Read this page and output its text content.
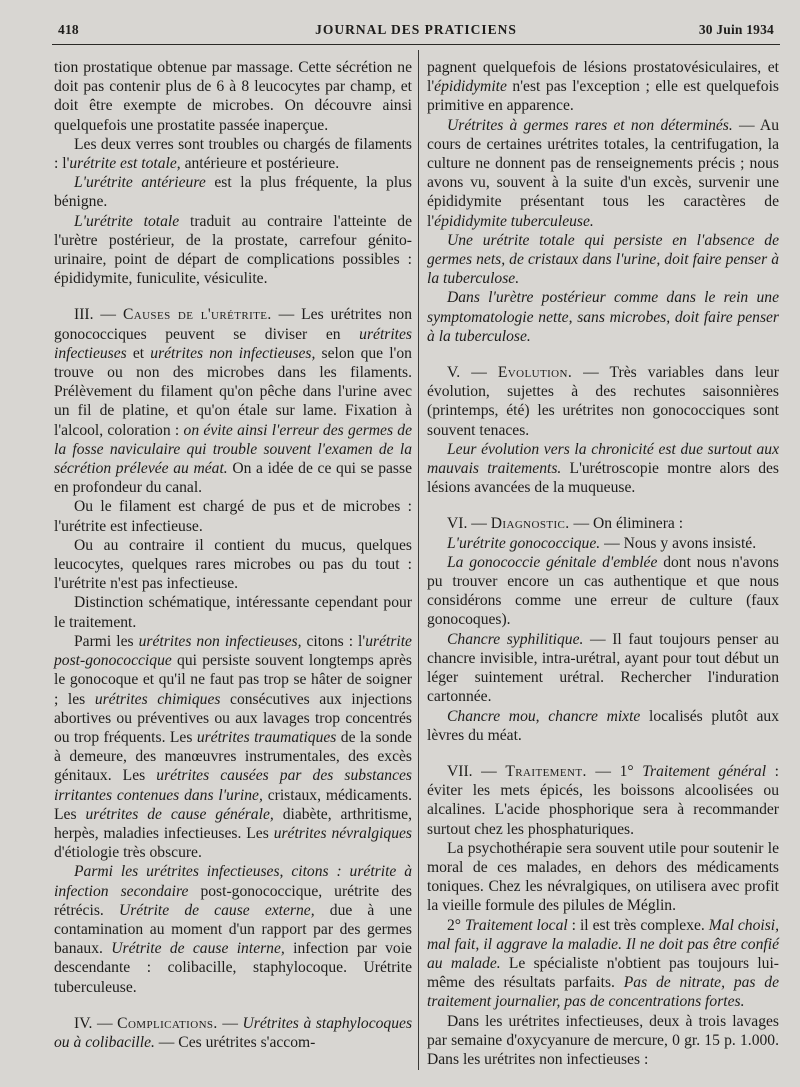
418	JOURNAL DES PRATICIENS	30 Juin 1934

tion prostatique obtenue par massage. Cette sécrétion ne doit pas contenir plus de 6 à 8 leucocytes par champ, et doit être exempte de microbes. On découvre ainsi quelquefois une prostatite passée inaperçue.

Les deux verres sont troubles ou chargés de filaments : l'urétrite est totale, antérieure et postérieure.

L'urétrite antérieure est la plus fréquente, la plus bénigne.

L'urétrite totale traduit au contraire l'atteinte de l'urètre postérieur, de la prostate, carrefour génito-urinaire, point de départ de complications possibles : épididymite, funiculite, vésiculite.

III. — Causes de l'urétrite. — Les urétrites non gonococciques peuvent se diviser en urétrites infectieuses et urétrites non infectieuses, selon que l'on trouve ou non des microbes dans les filaments. Prélèvement du filament qu'on pêche dans l'urine avec un fil de platine, et qu'on étale sur lame. Fixation à l'alcool, coloration : on évite ainsi l'erreur des germes de la fosse naviculaire qui trouble souvent l'examen de la sécrétion prélevée au méat. On a idée de ce qui se passe en profondeur du canal.

Ou le filament est chargé de pus et de microbes : l'urétrite est infectieuse.

Ou au contraire il contient du mucus, quelques leucocytes, quelques rares microbes ou pas du tout : l'urétrite n'est pas infectieuse.

Distinction schématique, intéressante cependant pour le traitement.

Parmi les urétrites non infectieuses, citons : l'urétrite post-gonococcique qui persiste souvent longtemps après le gonocoque et qu'il ne faut pas trop se hâter de soigner ; les urétrites chimiques consécutives aux injections abortives ou préventives ou aux lavages trop concentrés ou trop fréquents. Les urétrites traumatiques de la sonde à demeure, des manœuvres instrumentales, des excès génitaux. Les urétrites causées par des substances irritantes contenues dans l'urine, cristaux, médicaments. Les urétrites de cause générale, diabète, arthritisme, herpès, maladies infectieuses. Les urétrites névralgiques d'étiologie très obscure.

Parmi les urétrites infectieuses, citons : urétrite à infection secondaire post-gonococcique, urétrite des rétrécis. Urétrite de cause externe, due à une contamination au moment d'un rapport par des germes banaux. Urétrite de cause interne, infection par voie descendante : colibacille, staphylocoque. Urétrite tuberculeuse.

IV. — Complications. — Urétrites à staphylocoques ou à colibacille. — Ces urétrites s'accom-

pagnent quelquefois de lésions prostatovésiculaires, et l'épididymite n'est pas l'exception ; elle est quelquefois primitive en apparence.

Urétrites à germes rares et non déterminés. — Au cours de certaines urétrites totales, la centrifugation, la culture ne donnent pas de renseignements précis ; nous avons vu, souvent à la suite d'un excès, survenir une épididymite présentant tous les caractères de l'épididymite tuberculeuse.

Une urétrite totale qui persiste en l'absence de germes nets, de cristaux dans l'urine, doit faire penser à la tuberculose.

Dans l'urètre postérieur comme dans le rein une symptomatologie nette, sans microbes, doit faire penser à la tuberculose.

V. — Evolution. — Très variables dans leur évolution, sujettes à des rechutes saisonnières (printemps, été) les urétrites non gonococciques sont souvent tenaces.

Leur évolution vers la chronicité est due surtout aux mauvais traitements. L'urétroscopie montre alors des lésions avancées de la muqueuse.

VI. — Diagnostic. — On éliminera :

L'urétrite gonococcique. — Nous y avons insisté.

La gonococcie génitale d'emblée dont nous n'avons pu trouver encore un cas authentique et que nous considérons comme une erreur de culture (faux gonocoques).

Chancre syphilitique. — Il faut toujours penser au chancre invisible, intra-urétral, ayant pour tout début un léger suintement urétral. Rechercher l'induration cartonnée.

Chancre mou, chancre mixte localisés plutôt aux lèvres du méat.

VII. — Traitement. — 1° Traitement général : éviter les mets épicés, les boissons alcoolisées ou alcalines. L'acide phosphorique sera à recommander surtout chez les phosphaturiques.

La psychothérapie sera souvent utile pour soutenir le moral de ces malades, en dehors des médicaments toniques. Chez les névralgiques, on utilisera avec profit la vieille formule des pilules de Méglin.

2° Traitement local : il est très complexe. Mal choisi, mal fait, il aggrave la maladie. Il ne doit pas être confié au malade. Le spécialiste n'obtient pas toujours lui-même des résultats parfaits. Pas de nitrate, pas de traitement journalier, pas de concentrations fortes.

Dans les urétrites infectieuses, deux à trois lavages par semaine d'oxycyanure de mercure, 0 gr. 15 p. 1.000. Dans les urétrites non infectieuses :
